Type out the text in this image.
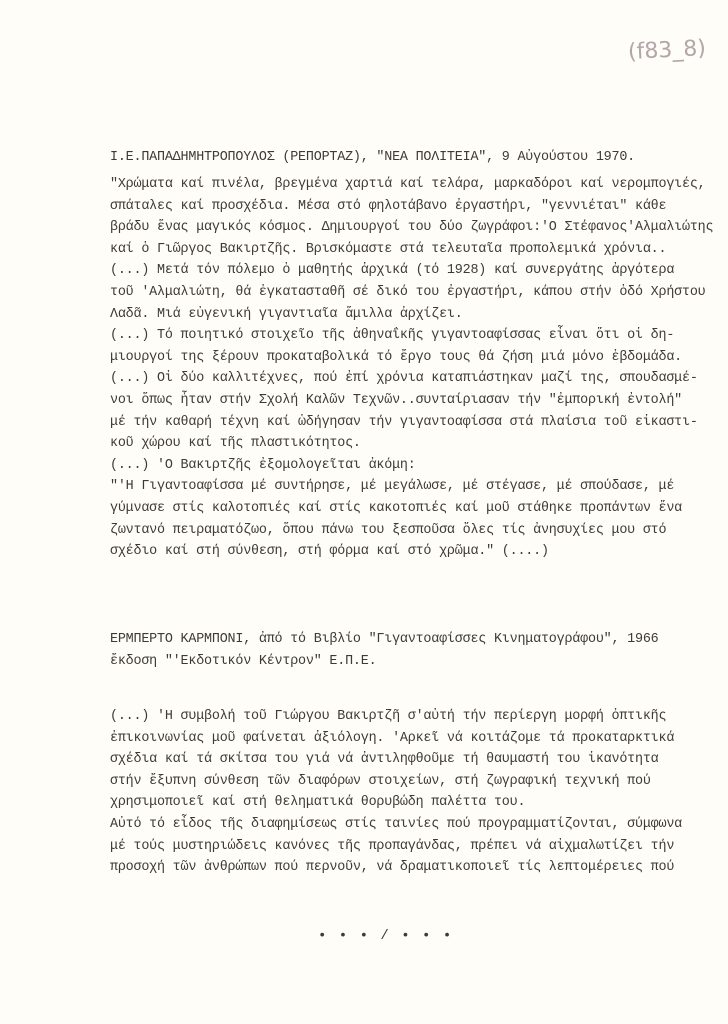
(f83_8)
I.Ε.ΠΑΠΑΔΗΜΗΤΡΟΠΟΥΛΟΣ (ΡΕΠΟΡΤΑΖ), "ΝΕΑ ΠΟΛΙΤΕΙΑ", 9 Αὐγούστου 1970.
"Χρώματα καί πινέλα, βρεγμένα χαρτιά καί τελάρα, μαρκαδόροι καί νερομπογιές,
σπάταλες καί προσχέδια. Μέσα στό φηλοτάβανο ἐργαστήρι, "γεννιέται" κάθε
βράδυ ἕνας μαγικός κόσμος. Δημιουργοί του δύο ζωγράφοι:'Ο Στέφανος'Αλμαλιώτης
καί ὁ Γιῶργος Βακιρτζῆς. Βρισκόμαστε στά τελευταῖα προπολεμικά χρόνια..
(...) Μετά τόν πόλεμο ὁ μαθητής ἀρχικά (τό 1928) καί συνεργάτης ἀργότερα
τοῦ 'Αλμαλιώτη, θά ἐγκατασταθῆ σέ δικό του ἐργαστήρι, κάπου στήν ὁδό Χρήστου
Λαδᾶ. Μιά εὐγενική γιγαντιαῖα ἅμιλλα ἀρχίζει.
(...) Τό ποιητικό στοιχεῖο τῆς ἀθηναΐκῆς γιγαντοαφίσσας εἶναι ὅτι οἱ δη-
μιουργοί της ξέρουν προκαταβολικά τό ἔργο τους θά ζήση μιά μόνο ἑβδομάδα.
(...) Οἱ δύο καλλιτέχνες, πού ἐπί χρόνια καταπιάστηκαν μαζί της, σπουδασμέ-
νοι ὅπως ἦταν στήν Σχολή Καλῶν Τεχνῶν..συνταίριασαν τήν "ἐμπορική ἐντολή"
μέ τήν καθαρή τέχνη καί ὡδήγησαν τήν γιγαντοαφίσσα στά πλαίσια τοῦ εἰκαστι-
κοῦ χώρου καί τῆς πλαστικότητος.
(...) 'Ο Βακιρτζῆς ἐξομολογεῖται ἀκόμη:
"'Η Γιγαντοαφίσσα μέ συντήρησε, μέ μεγάλωσε, μέ στέγασε, μέ σπούδασε, μέ
γύμνασε στίς καλοτοπιές καί στίς κακοτοπιές καί μοῦ στάθηκε προπάντων ἕνα
ζωντανό πειραματόζωο, ὅπου πάνω του ξεσποῦσα ὅλες τίς ἀνησυχίες μου στό
σχέδιο καί στή σύνθεση, στή φόρμα καί στό χρῶμα." (....)
ΕΡΜΠΕΡΤΟ ΚΑΡΜΠΟΝΙ, ἀπό τό Βιβλίο "Γιγαντοαφίσσες Κινηματογράφου", 1966
ἔκδοση "'Εκδοτικόν Κέντρον" Ε.Π.Ε.
(...) 'Η συμβολή τοῦ Γιώργου Βακιρτζῆ σ'αὐτή τήν περίεργη μορφή ὀπτικῆς
ἐπικοινωνίας μοῦ φαίνεται ἀξιόλογη. 'Αρκεῖ νά κοιτάζομε τά προκαταρκτικά
σχέδια καί τά σκίτσα του γιά νά ἀντιληφθοῦμε τή θαυμαστή του ἱκανότητα
στήν ἔξυπνη σύνθεση τῶν διαφόρων στοιχείων, στή ζωγραφική τεχνική πού
χρησιμοποιεῖ καί στή θεληματικά θορυβώδη παλέττα του.
Αὐτό τό εἶδος τῆς διαφημίσεως στίς ταινίες πού προγραμματίζονται, σύμφωνα
μέ τούς μυστηριώδεις κανόνες τῆς προπαγάνδας, πρέπει νά αἰχμαλωτίζει τήν
προσοχή τῶν ἀνθρώπων πού περνοῦν, νά δραματικοποιεῖ τίς λεπτομέρειες πού
• • • / • • •
